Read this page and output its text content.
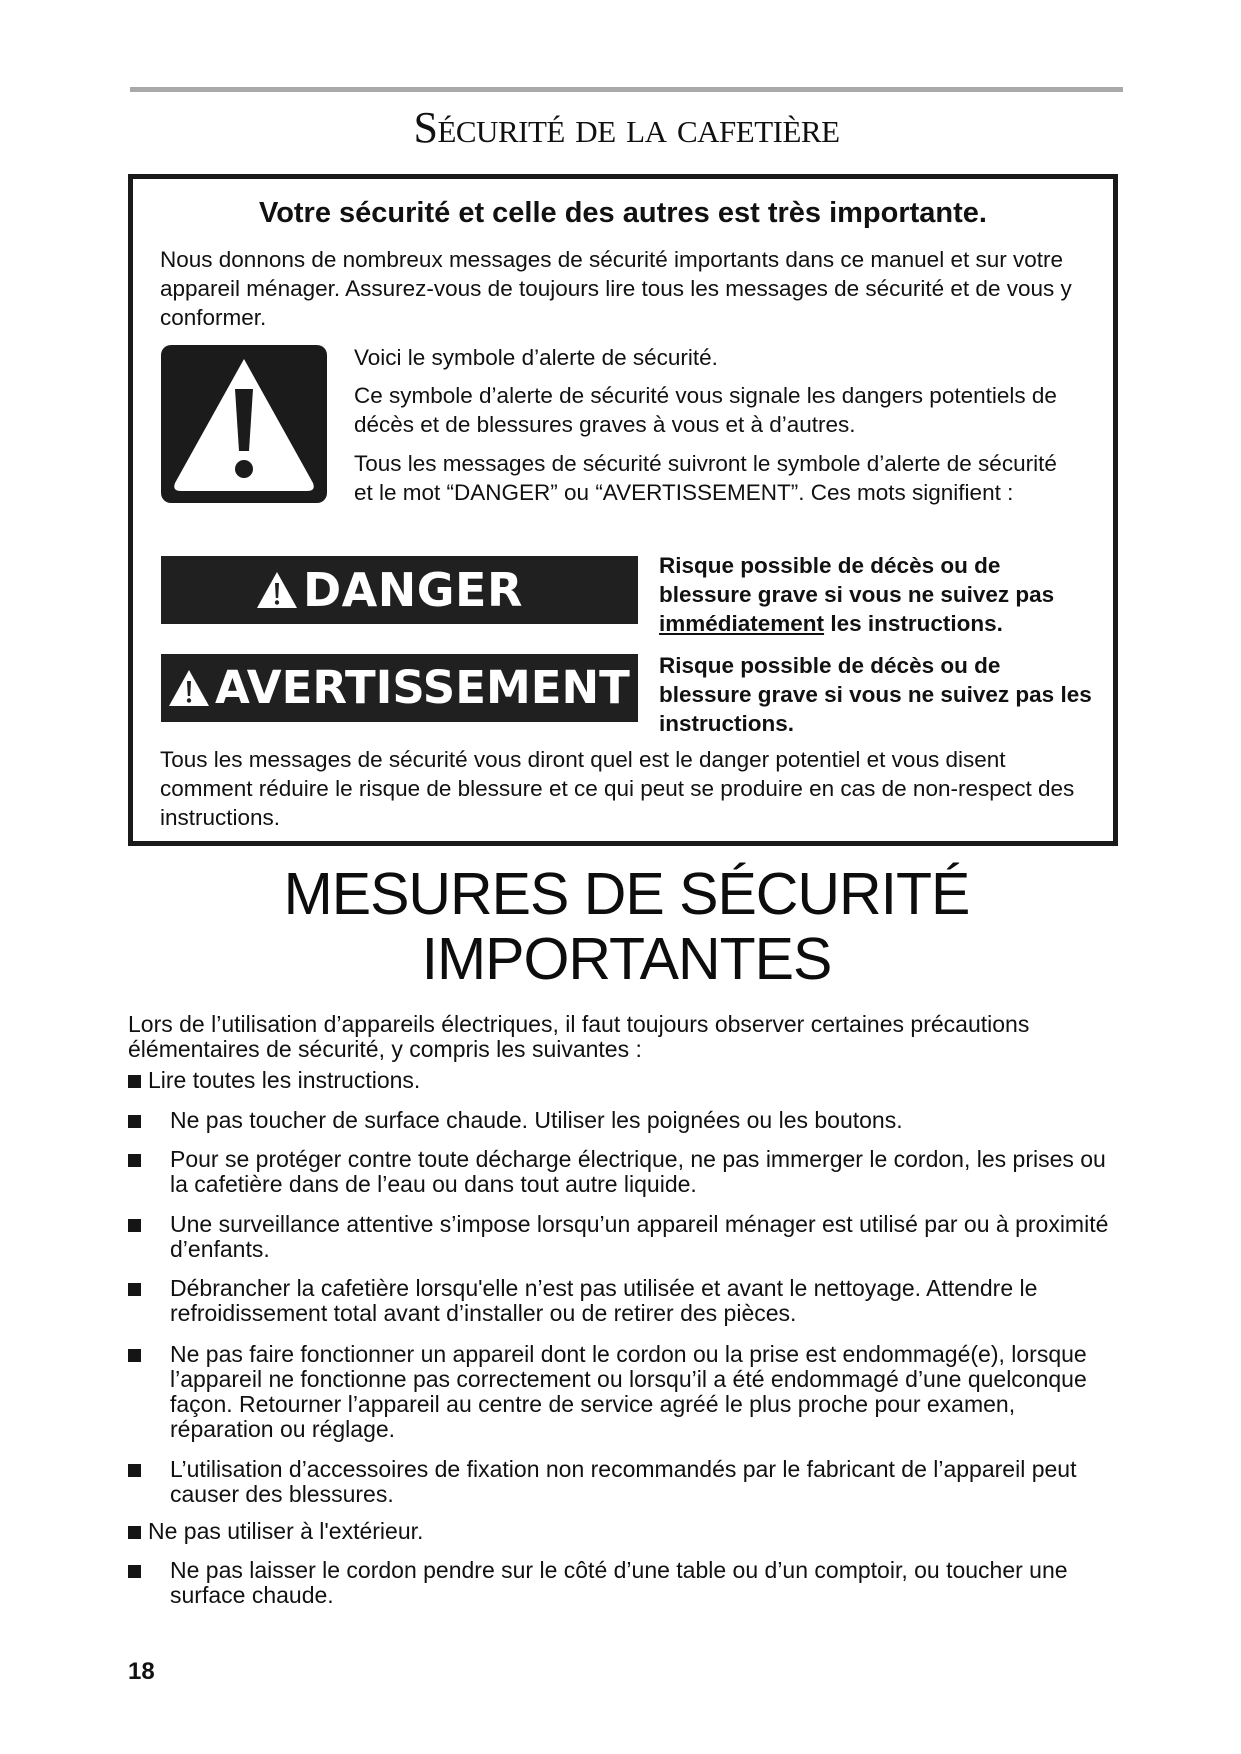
Sécurité de la cafetière
Votre sécurité et celle des autres est très importante.
Nous donnons de nombreux messages de sécurité importants dans ce manuel et sur votre appareil ménager. Assurez-vous de toujours lire tous les messages de sécurité et de vous y conformer.
Voici le symbole d’alerte de sécurité.
Ce symbole d’alerte de sécurité vous signale les dangers potentiels de décès et de blessures graves à vous et à d’autres.
Tous les messages de sécurité suivront le symbole d’alerte de sécurité et le mot “DANGER” ou “AVERTISSEMENT”. Ces mots signifient :
DANGER	Risque possible de décès ou de blessure grave si vous ne suivez pas immédiatement les instructions.
AVERTISSEMENT Risque possible de décès ou de blessure grave si vous ne suivez pas les instructions.
Tous les messages de sécurité vous diront quel est le danger potentiel et vous disent comment réduire le risque de blessure et ce qui peut se produire en cas de non-respect des instructions.
MESURES DE SÉCURITÉ
IMPORTANTES
Lors de l’utilisation d’appareils électriques, il faut toujours observer certaines précautions élémentaires de sécurité, y compris les suivantes :
Lire toutes les instructions.
Ne pas toucher de surface chaude. Utiliser les poignées ou les boutons.
Pour se protéger contre toute décharge électrique, ne pas immerger le cordon, les prises ou la cafetière dans de l’eau ou dans tout autre liquide.
Une surveillance attentive s’impose lorsqu’un appareil ménager est utilisé par ou à proximité d’enfants.
Débrancher la cafetière lorsqu'elle n’est pas utilisée et avant le nettoyage. Attendre le refroidissement total avant d’installer ou de retirer des pièces.
Ne pas faire fonctionner un appareil dont le cordon ou la prise est endommagé(e), lorsque l’appareil ne fonctionne pas correctement ou lorsqu’il a été endommagé d’une quelconque façon. Retourner l’appareil au centre de service agréé le plus proche pour examen, réparation ou réglage.
L’utilisation d’accessoires de fixation non recommandés par le fabricant de l’appareil peut causer des blessures.
Ne pas utiliser à l'extérieur.
Ne pas laisser le cordon pendre sur le côté d’une table ou d’un comptoir, ou toucher une surface chaude.
18
